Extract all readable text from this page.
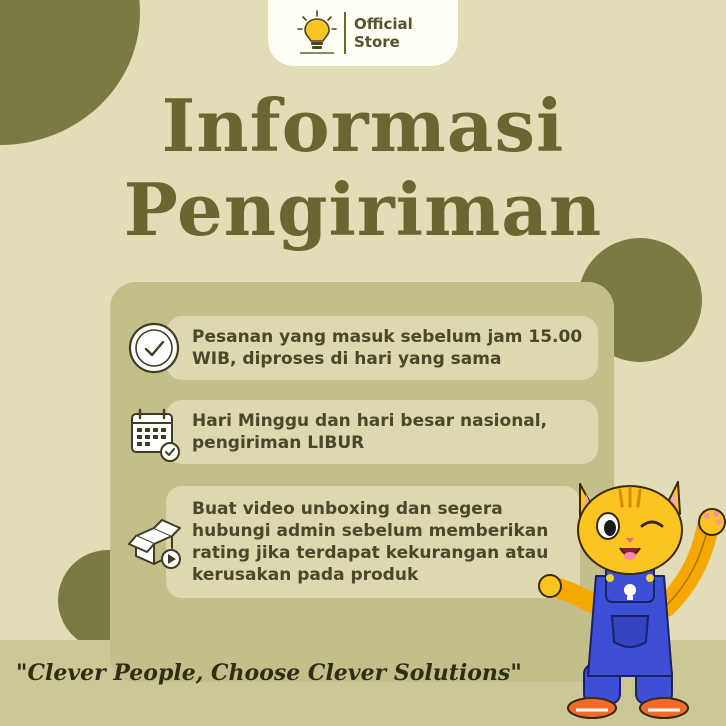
Official
Store
Informasi
Pengiriman
Pesanan yang masuk sebelum jam 15.00 WIB, diproses di hari yang sama
Hari Minggu dan hari besar nasional, pengiriman LIBUR
Buat video unboxing dan segera hubungi admin sebelum memberikan rating jika terdapat kekurangan atau kerusakan pada produk
"Clever People, Choose Clever Solutions"
